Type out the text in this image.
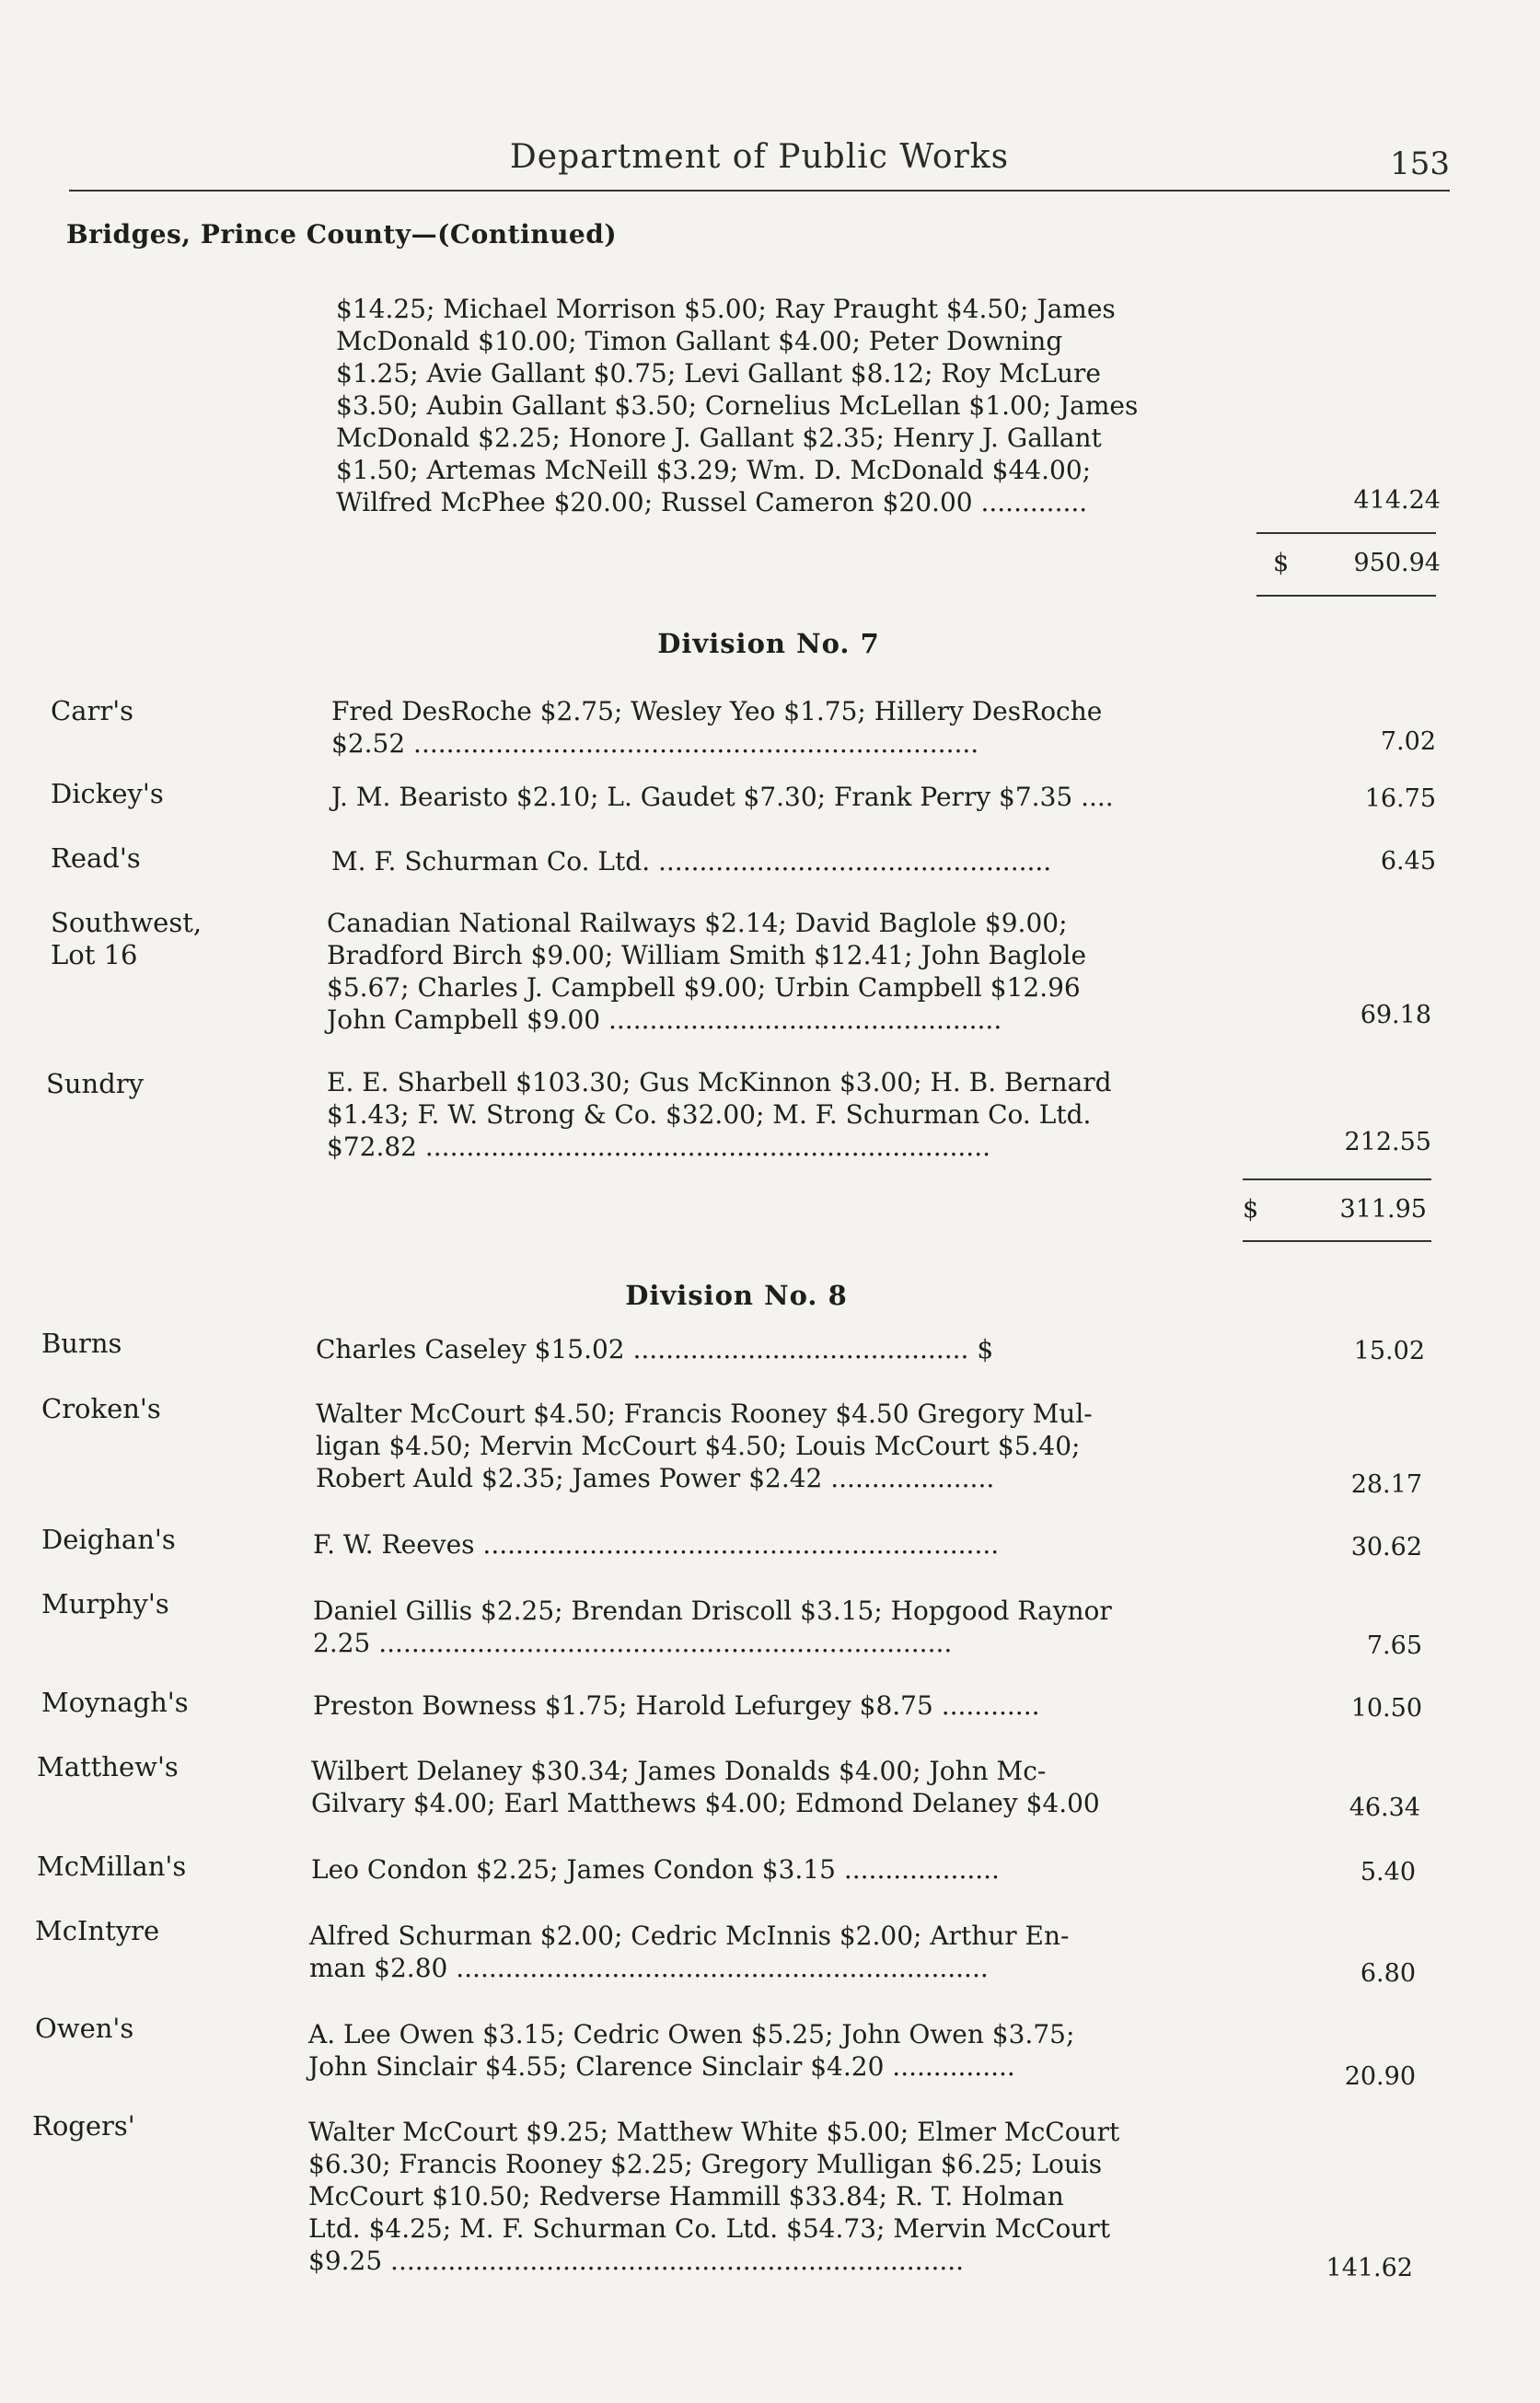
Department of Public Works	153
Bridges, Prince County—(Continued)
$14.25; Michael Morrison $5.00; Ray Praught $4.50; James
McDonald $10.00; Timon Gallant $4.00; Peter Downing
$1.25; Avie Gallant $0.75; Levi Gallant $8.12; Roy McLure
$3.50; Aubin Gallant $3.50; Cornelius McLellan $1.00; James
McDonald $2.25; Honore J. Gallant $2.35; Henry J. Gallant
$1.50; Artemas McNeill $3.29; Wm. D. McDonald $44.00;
Wilfred McPhee $20.00; Russel Cameron $20.00 .............	414.24
$	950.94
Division No. 7
Carr's	Fred DesRoche $2.75; Wesley Yeo $1.75; Hillery DesRoche
$2.52 .....................................................................	7.02
Dickey's	J. M. Bearisto $2.10; L. Gaudet $7.30; Frank Perry $7.35 ....	16.75
Read's	M. F. Schurman Co. Ltd. ................................................	6.45
Southwest,
Lot 16
Canadian National Railways $2.14; David Baglole $9.00;
Bradford Birch $9.00; William Smith $12.41; John Baglole
$5.67; Charles J. Campbell $9.00; Urbin Campbell $12.96
John Campbell $9.00 ................................................	69.18
Sundry	E. E. Sharbell $103.30; Gus McKinnon $3.00; H. B. Bernard
$1.43; F. W. Strong & Co. $32.00; M. F. Schurman Co. Ltd.
$72.82 .....................................................................	212.55
$	311.95
Division No. 8
Burns	Charles Caseley $15.02 ......................................... $	15.02
Croken's	Walter McCourt $4.50; Francis Rooney $4.50 Gregory Mul-
ligan $4.50; Mervin McCourt $4.50; Louis McCourt $5.40;
Robert Auld $2.35; James Power $2.42 ....................	28.17
Deighan's	F. W. Reeves ...............................................................	30.62
Murphy's	Daniel Gillis $2.25; Brendan Driscoll $3.15; Hopgood Raynor
2.25 ......................................................................	7.65
Moynagh's	Preston Bowness $1.75; Harold Lefurgey $8.75 ............	10.50
Matthew's	Wilbert Delaney $30.34; James Donalds $4.00; John Mc-
Gilvary $4.00; Earl Matthews $4.00; Edmond Delaney $4.00	46.34
McMillan's	Leo Condon $2.25; James Condon $3.15 ...................	5.40
McIntyre	Alfred Schurman $2.00; Cedric McInnis $2.00; Arthur En-
man $2.80 .................................................................	6.80
Owen's	A. Lee Owen $3.15; Cedric Owen $5.25; John Owen $3.75;
John Sinclair $4.55; Clarence Sinclair $4.20 ...............	20.90
Rogers'	Walter McCourt $9.25; Matthew White $5.00; Elmer McCourt
$6.30; Francis Rooney $2.25; Gregory Mulligan $6.25; Louis
McCourt $10.50; Redverse Hammill $33.84; R. T. Holman
Ltd. $4.25; M. F. Schurman Co. Ltd. $54.73; Mervin McCourt
$9.25 ......................................................................	141.62
